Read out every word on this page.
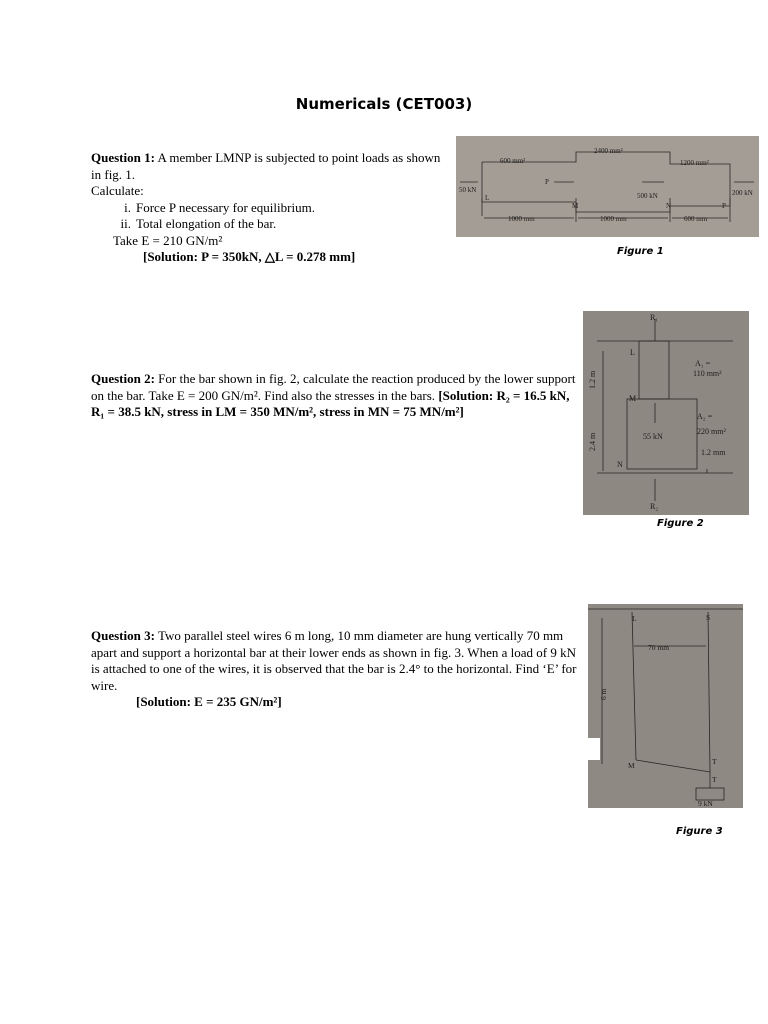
Numericals (CET003)
Question 1: A member LMNP is subjected to point loads as shown in fig. 1.
Calculate:
i. Force P necessary for equilibrium.
ii. Total elongation of the bar.
Take E = 210 GN/m²
[Solution: P = 350kN, △L = 0.278 mm]
Question 2: For the bar shown in fig. 2, calculate the reaction produced by the lower support on the bar. Take E = 200 GN/m². Find also the stresses in the bars. [Solution: R₂ = 16.5 kN, R₁ = 38.5 kN, stress in LM = 350 MN/m², stress in MN = 75 MN/m²]
Question 3: Two parallel steel wires 6 m long, 10 mm diameter are hung vertically 70 mm apart and support a horizontal bar at their lower ends as shown in fig. 3. When a load of 9 kN is attached to one of the wires, it is observed that the bar is 2.4° to the horizontal. Find ‘E’ for wire.
[Solution: E = 235 GN/m²]
600 mm²
2400 mm²
1200 mm²
50 kN
P
500 kN	200 kN
L
M	N	P
1000 mm	1000 mm	600 mm
Figure 1
R₁
R₂
L
M
N
A₁ =
110 mm²
A₂ =
220 mm²
55 kN
1.2 mm
1.2 m
2.4 m
Figure 2
L	S
M	T
T
70 mm
6 m
9 kN
Figure 3
